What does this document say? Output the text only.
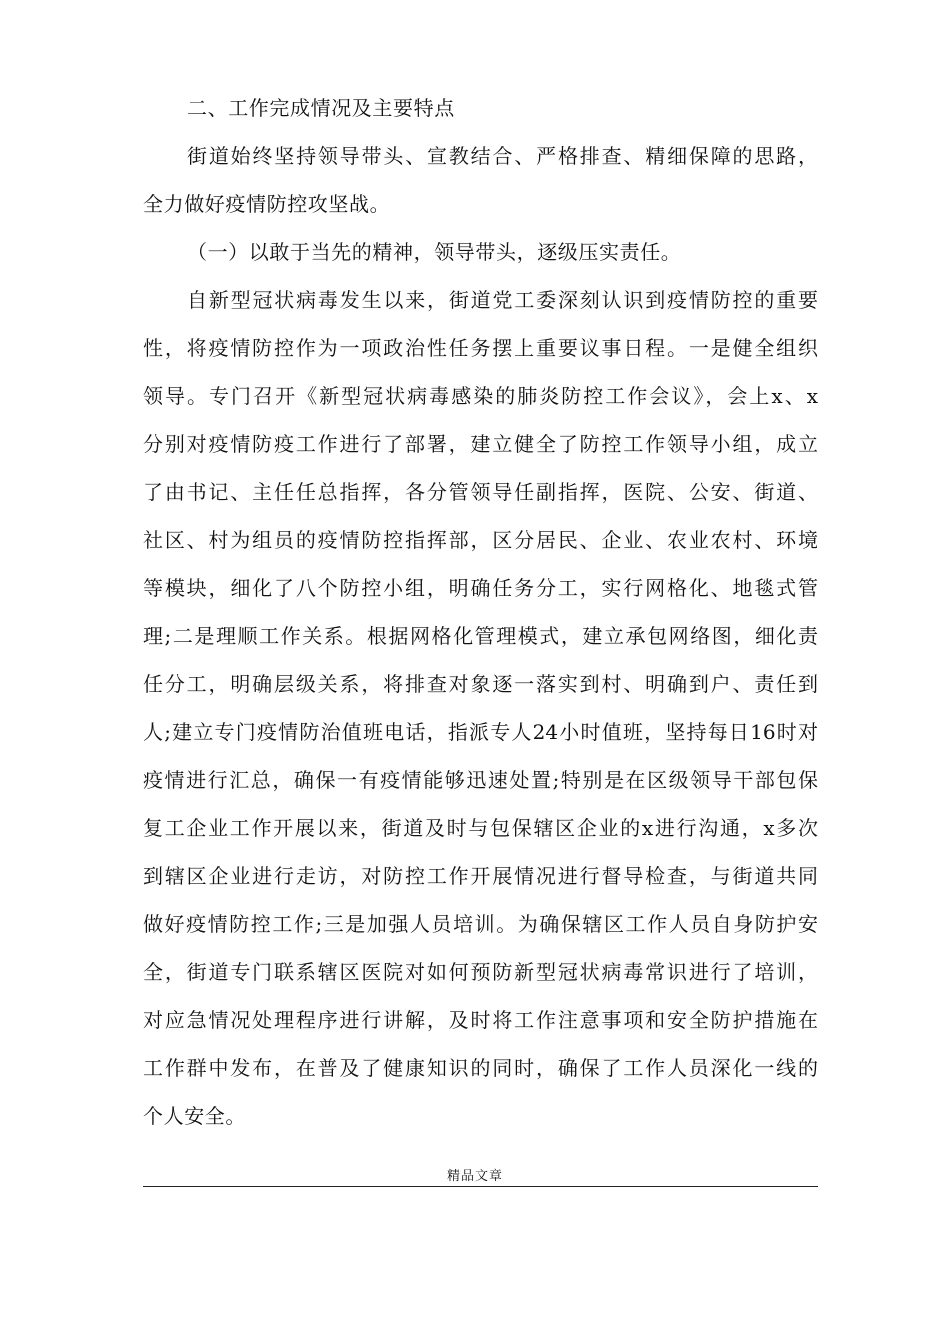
二、工作完成情况及主要特点
街道始终坚持领导带头、宣教结合、严格排查、精细保障的思路，
全力做好疫情防控攻坚战。
（一）以敢于当先的精神，领导带头，逐级压实责任。
自新型冠状病毒发生以来，街道党工委深刻认识到疫情防控的重要
性，将疫情防控作为一项政治性任务摆上重要议事日程。一是健全组织
领导。专门召开《新型冠状病毒感染的肺炎防控工作会议》，会上x、x
分别对疫情防疫工作进行了部署，建立健全了防控工作领导小组，成立
了由书记、主任任总指挥，各分管领导任副指挥，医院、公安、街道、
社区、村为组员的疫情防控指挥部，区分居民、企业、农业农村、环境
等模块，细化了八个防控小组，明确任务分工，实行网格化、地毯式管
理;二是理顺工作关系。根据网格化管理模式，建立承包网络图，细化责
任分工，明确层级关系，将排查对象逐一落实到村、明确到户、责任到
人;建立专门疫情防治值班电话，指派专人24小时值班，坚持每日16时对
疫情进行汇总，确保一有疫情能够迅速处置;特别是在区级领导干部包保
复工企业工作开展以来，街道及时与包保辖区企业的x进行沟通，x多次
到辖区企业进行走访，对防控工作开展情况进行督导检查，与街道共同
做好疫情防控工作;三是加强人员培训。为确保辖区工作人员自身防护安
全，街道专门联系辖区医院对如何预防新型冠状病毒常识进行了培训，
对应急情况处理程序进行讲解，及时将工作注意事项和安全防护措施在
工作群中发布，在普及了健康知识的同时，确保了工作人员深化一线的
个人安全。
精品文章
